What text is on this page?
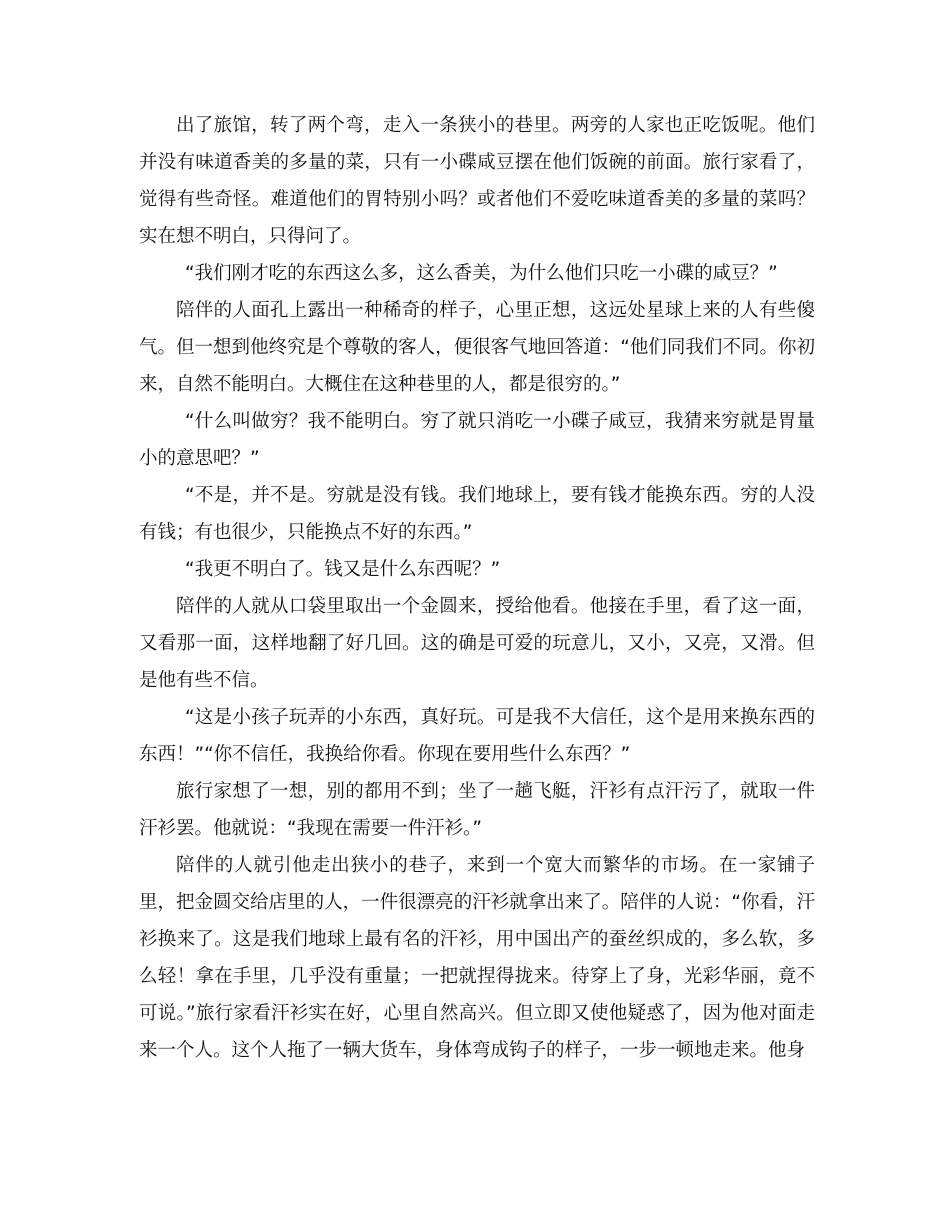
出了旅馆，转了两个弯，走入一条狭小的巷里。两旁的人家也正吃饭呢。他们并没有味道香美的多量的菜，只有一小碟咸豆摆在他们饭碗的前面。旅行家看了，觉得有些奇怪。难道他们的胃特别小吗？或者他们不爱吃味道香美的多量的菜吗？实在想不明白，只得问了。

“我们刚才吃的东西这么多，这么香美，为什么他们只吃一小碟的咸豆？”

陪伴的人面孔上露出一种稀奇的样子，心里正想，这远处星球上来的人有些傻气。但一想到他终究是个尊敬的客人，便很客气地回答道：“他们同我们不同。你初来，自然不能明白。大概住在这种巷里的人，都是很穷的。”

“什么叫做穷？我不能明白。穷了就只消吃一小碟子咸豆，我猜来穷就是胃量小的意思吧？”

“不是，并不是。穷就是没有钱。我们地球上，要有钱才能换东西。穷的人没有钱；有也很少，只能换点不好的东西。”

“我更不明白了。钱又是什么东西呢？”

陪伴的人就从口袋里取出一个金圆来，授给他看。他接在手里，看了这一面，又看那一面，这样地翻了好几回。这的确是可爱的玩意儿，又小，又亮，又滑。但是他有些不信。

“这是小孩子玩弄的小东西，真好玩。可是我不大信任，这个是用来换东西的东西！”“你不信任，我换给你看。你现在要用些什么东西？”

旅行家想了一想，别的都用不到；坐了一趟飞艇，汗衫有点汗污了，就取一件汗衫罢。他就说：“我现在需要一件汗衫。”

陪伴的人就引他走出狭小的巷子，来到一个宽大而繁华的市场。在一家铺子里，把金圆交给店里的人，一件很漂亮的汗衫就拿出来了。陪伴的人说：“你看，汗衫换来了。这是我们地球上最有名的汗衫，用中国出产的蚕丝织成的，多么软，多么轻！拿在手里，几乎没有重量；一把就捏得拢来。待穿上了身，光彩华丽，竟不可说。”旅行家看汗衫实在好，心里自然高兴。但立即又使他疑惑了，因为他对面走来一个人。这个人拖了一辆大货车，身体弯成钩子的样子，一步一顿地走来。他身
